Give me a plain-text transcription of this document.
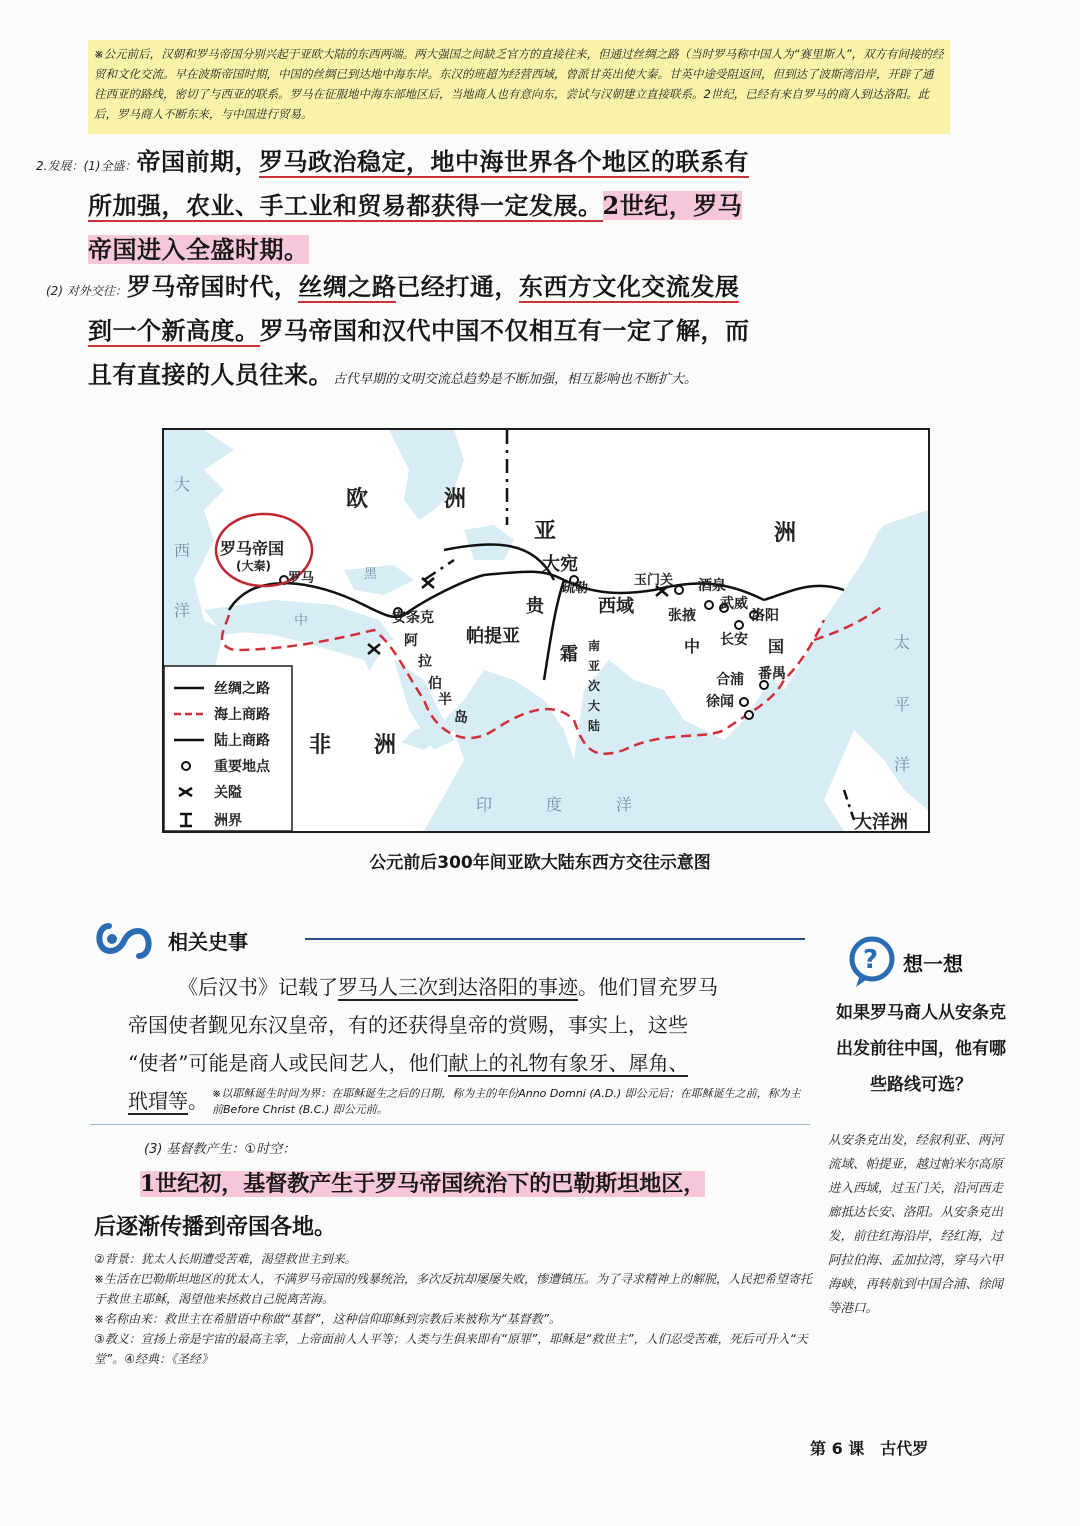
※公元前后，汉朝和罗马帝国分别兴起于亚欧大陆的东西两端。两大强国之间缺乏官方的直接往来，但通过丝绸之路（当时罗马称中国人为“赛里斯人”，双方有间接的经贸和文化交流。早在波斯帝国时期，中国的丝绸已到达地中海东岸。东汉的班超为经营西域，曾派甘英出使大秦。甘英中途受阻返回，但到达了波斯湾沿岸，开辟了通往西亚的路线，密切了与西亚的联系。罗马在征服地中海东部地区后，当地商人也有意向东，尝试与汉朝建立直接联系。2世纪，已经有来自罗马的商人到达洛阳。此后，罗马商人不断东来，与中国进行贸易。
2.发展：(1)全盛：帝国前期，罗马政治稳定，地中海世界各个地区的联系有
所加强，农业、手工业和贸易都获得一定发展。2世纪，罗马
帝国进入全盛时期。
(2) 对外交往：罗马帝国时代，丝绸之路已经打通，东西方文化交流发展
到一个新高度。罗马帝国和汉代中国不仅相互有一定了解，而
且有直接的人员往来。古代早期的文明交流总趋势是不断加强，相互影响也不断扩大。
欧	洲
亚	洲
非 洲
大
西
洋
太
平
洋
印	度	洋
大洋洲
中
黑
罗马帝国
(大秦)
罗马
安条克
帕提亚
阿
拉
伯
半
岛
大宛
疏勒
贵
霜
西域
玉门关 酒泉
张掖
武威
洛阳
长安
中	国
番禺
合浦
徐闻
南
亚
次
大
陆
丝绸之路
海上商路
陆上商路
重要地点
关隘
洲界
公元前后300年间亚欧大陆东西方交往示意图
相关史事
《后汉书》记载了罗马人三次到达洛阳的事迹。他们冒充罗马
帝国使者觐见东汉皇帝，有的还获得皇帝的赏赐，事实上，这些
“使者”可能是商人或民间艺人，他们献上的礼物有象牙、犀角、
玳瑁等。 ※以耶稣诞生时间为界：在耶稣诞生之后的日期，称为主的年份Anno Domni (A.D.) 即公元后；在耶稣诞生之前，称为主前Before Christ (B.C.) 即公元前。
? 想一想
如果罗马商人从安条克出发前往中国，他有哪些路线可选？
从安条克出发，经叙利亚、两河流域、帕提亚，越过帕米尔高原进入西域，过玉门关，沿河西走廊抵达长安、洛阳。从安条克出发，前往红海沿岸，经红海，过阿拉伯海、孟加拉湾，穿马六甲海峡，再转航到中国合浦、徐闻等港口。
(3) 基督教产生：①时空：
1世纪初，基督教产生于罗马帝国统治下的巴勒斯坦地区，
后逐渐传播到帝国各地。
②背景：犹太人长期遭受苦难，渴望救世主到来。
※生活在巴勒斯坦地区的犹太人，不满罗马帝国的残暴统治，多次反抗却屡屡失败，惨遭镇压。为了寻求精神上的解脱，人民把希望寄托于救世主耶稣，渴望他来拯救自己脱离苦海。
※名称由来：救世主在希腊语中称做“基督”，这种信仰耶稣到宗教后来被称为“基督教”。
③教义：宣扬上帝是宇宙的最高主宰，上帝面前人人平等；人类与生俱来即有“原罪”，耶稣是“救世主”，人们忍受苦难，死后可升入“天堂”。④经典：《圣经》
第 6 课　古代罗
